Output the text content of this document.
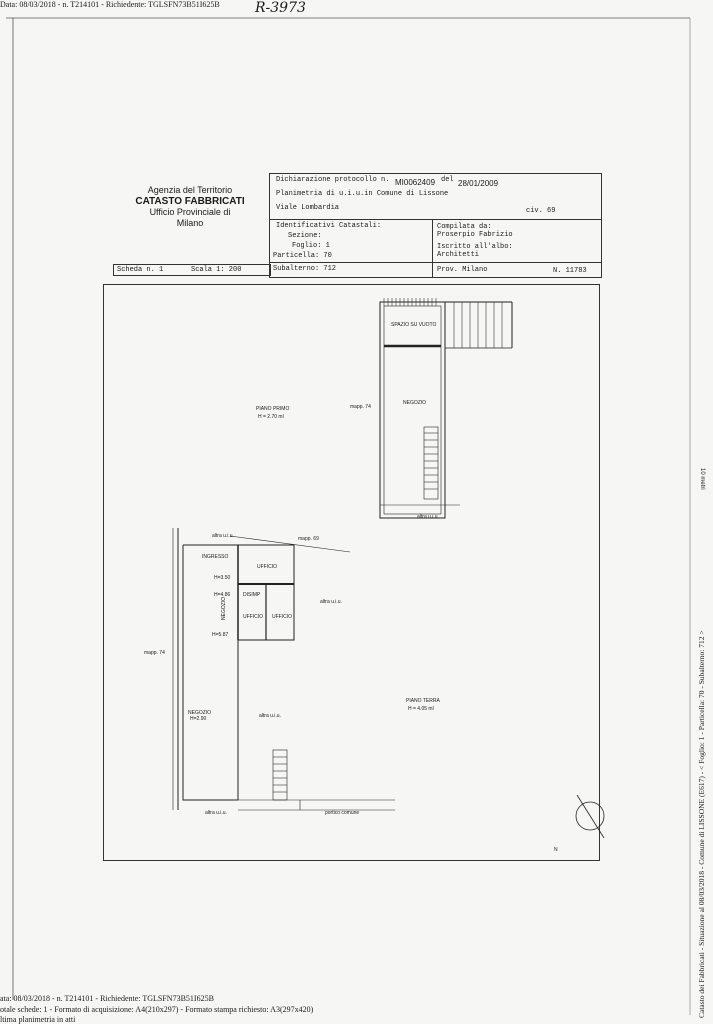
Data: 08/03/2018 - n. T214101 - Richiedente: TGLSFN73B51I625B	R-3973
Agenzia del Territorio
CATASTO FABBRICATI
Ufficio Provinciale di
Milano
Dichiarazione protocollo n. MI0062409 del 28/01/2009
Planimetria di u.i.u.in Comune di Lissone
Viale Lombardia	civ. 69
Identificativi Catastali:
Sezione:
Foglio: 1
Particella: 70
Subalterno: 712
Compilata da:
Proserpio Fabrizio
Iscritto all'albo:
Architetti
Prov. Milano	N. 11783
Scheda n. 1	Scala 1: 200
SPAZIO SU VUOTO
NEGOZIO
mapp. 74
PIANO PRIMO
H = 2.70 ml
altra u.i.u.
altra u.i.u.	mapp. 69
INGRESSO
UFFICIO
H=3.50
H=4.86	DISIMP
H=5.87
NEGOZIO	UFFICIO UFFICIO
altra u.i.u.
mapp. 74
NEGOZIO
H=2.90	altra u.i.u.
PIANO TERRA
H = 4.05 ml
altra u.i.u.	portico comune
N
10 metri
Catasto dei Fabbricati - Situazione al 08/03/2018 - Comune di LISSONE (E617) - < Foglio: 1 - Particella: 70 - Subalterno: 712 >
ata: 08/03/2018 - n. T214101 - Richiedente: TGLSFN73B51I625B
otale schede: 1 - Formato di acquisizione: A4(210x297) - Formato stampa richiesto: A3(297x420)
ltima planimetria in atti
